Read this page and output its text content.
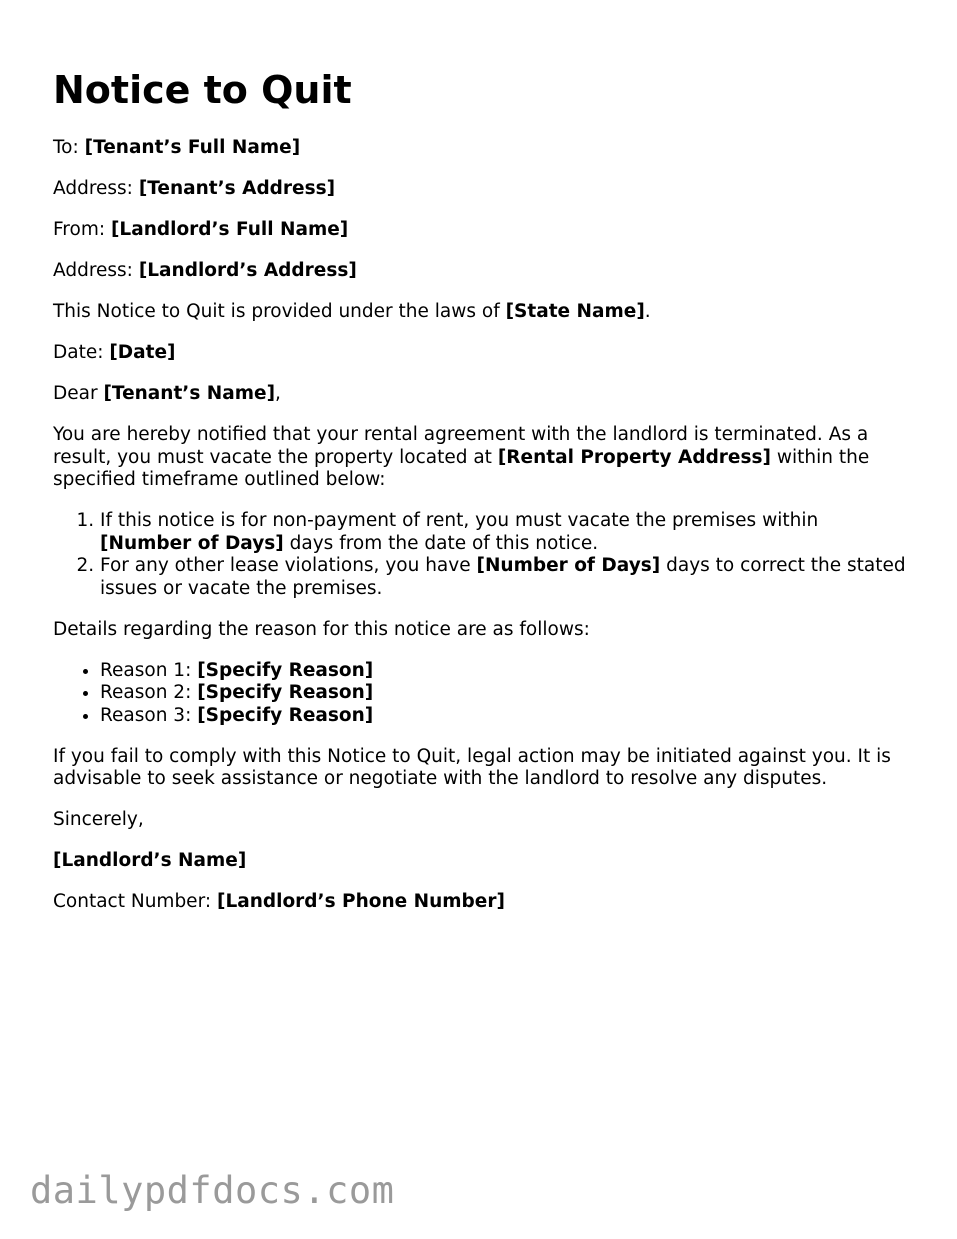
Notice to Quit

To: [Tenant’s Full Name]

Address: [Tenant’s Address]

From: [Landlord’s Full Name]

Address: [Landlord’s Address]

This Notice to Quit is provided under the laws of [State Name].

Date: [Date]

Dear [Tenant’s Name],

You are hereby notified that your rental agreement with the landlord is terminated. As a result, you must vacate the property located at [Rental Property Address] within the specified timeframe outlined below:

1. If this notice is for non-payment of rent, you must vacate the premises within [Number of Days] days from the date of this notice.
2. For any other lease violations, you have [Number of Days] days to correct the stated issues or vacate the premises.

Details regarding the reason for this notice are as follows:

• Reason 1: [Specify Reason]
• Reason 2: [Specify Reason]
• Reason 3: [Specify Reason]

If you fail to comply with this Notice to Quit, legal action may be initiated against you. It is advisable to seek assistance or negotiate with the landlord to resolve any disputes.

Sincerely,

[Landlord’s Name]

Contact Number: [Landlord’s Phone Number]

dailypdfdocs.com
